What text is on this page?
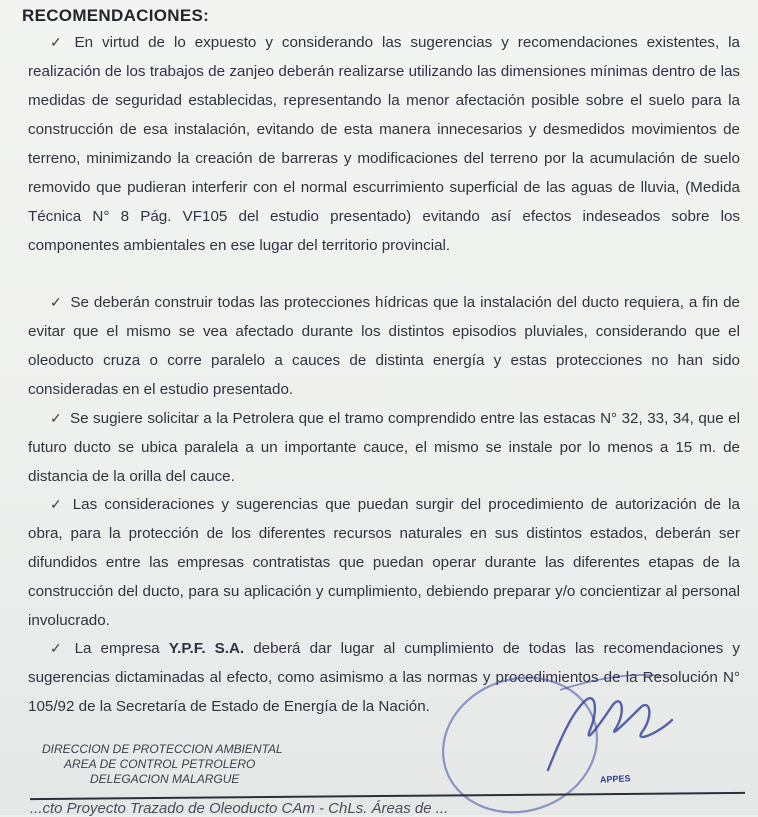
RECOMENDACIONES:

✓ En virtud de lo expuesto y considerando las sugerencias y recomendaciones existentes, la realización de los trabajos de zanjeo deberán realizarse utilizando las dimensiones mínimas dentro de las medidas de seguridad establecidas, representando la menor afectación posible sobre el suelo para la construcción de esa instalación, evitando de esta manera innecesarios y desmedidos movimientos de terreno, minimizando la creación de barreras y modificaciones del terreno por la acumulación de suelo removido que pudieran interferir con el normal escurrimiento superficial de las aguas de lluvia, (Medida Técnica N° 8 Pág. VF105 del estudio presentado) evitando así efectos indeseados sobre los componentes ambientales en ese lugar del territorio provincial.

✓ Se deberán construir todas las protecciones hídricas que la instalación del ducto requiera, a fin de evitar que el mismo se vea afectado durante los distintos episodios pluviales, considerando que el oleoducto cruza o corre paralelo a cauces de distinta energía y estas protecciones no han sido consideradas en el estudio presentado.

✓ Se sugiere solicitar a la Petrolera que el tramo comprendido entre las estacas N° 32, 33, 34, que el futuro ducto se ubica paralela a un importante cauce, el mismo se instale por lo menos a 15 m. de distancia de la orilla del cauce.

✓ Las consideraciones y sugerencias que puedan surgir del procedimiento de autorización de la obra, para la protección de los diferentes recursos naturales en sus distintos estados, deberán ser difundidos entre las empresas contratistas que puedan operar durante las diferentes etapas de la construcción del ducto, para su aplicación y cumplimiento, debiendo preparar y/o concientizar al personal involucrado.

✓ La empresa Y.P.F. S.A. deberá dar lugar al cumplimiento de todas las recomendaciones y sugerencias dictaminadas al efecto, como asimismo a las normas y procedimientos de la Resolución N° 105/92 de la Secretaría de Estado de Energía de la Nación.

DIRECCION DE PROTECCION AMBIENTAL
AREA DE CONTROL PETROLERO
DELEGACION MALARGUE	APPES
...cto Proyecto Trazado de Oleoducto CAm - ChLs. Áreas de ...
